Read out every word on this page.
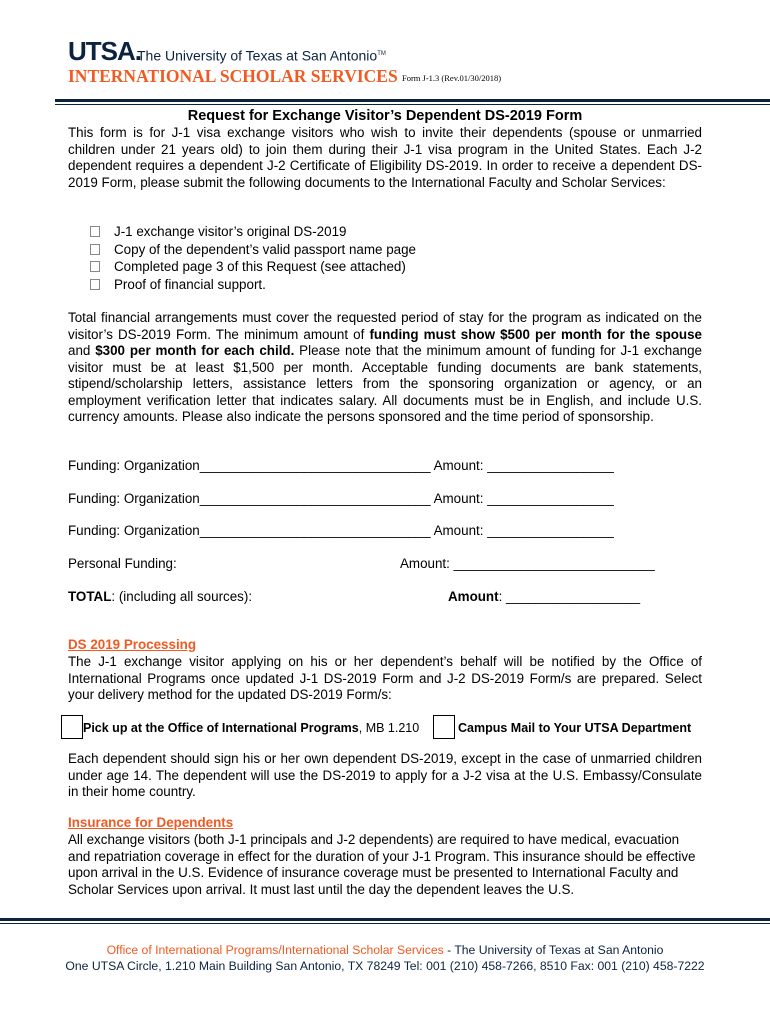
UTSA.
The University of Texas at San Antonio™
INTERNATIONAL SCHOLAR SERVICES Form J-1.3 (Rev.01/30/2018)
Request for Exchange Visitor’s Dependent DS-2019 Form
This form is for J-1 visa exchange visitors who wish to invite their dependents (spouse or unmarried children under 21 years old) to join them during their J-1 visa program in the United States. Each J-2 dependent requires a dependent J-2 Certificate of Eligibility DS-2019. In order to receive a dependent DS-2019 Form, please submit the following documents to the International Faculty and Scholar Services:
J-1 exchange visitor’s original DS-2019
Copy of the dependent’s valid passport name page
Completed page 3 of this Request (see attached)
Proof of financial support.
Total financial arrangements must cover the requested period of stay for the program as indicated on the visitor’s DS-2019 Form. The minimum amount of funding must show $500 per month for the spouse and $300 per month for each child. Please note that the minimum amount of funding for J-1 exchange visitor must be at least $1,500 per month. Acceptable funding documents are bank statements, stipend/scholarship letters, assistance letters from the sponsoring organization or agency, or an employment verification letter that indicates salary. All documents must be in English, and include U.S. currency amounts. Please also indicate the persons sponsored and the time period of sponsorship.
Funding: Organization_______________________________ Amount: _________________
Funding: Organization_______________________________ Amount: _________________
Funding: Organization_______________________________ Amount: _________________
Personal Funding:	Amount: ___________________________
TOTAL: (including all sources):	Amount: __________________
DS 2019 Processing
The J-1 exchange visitor applying on his or her dependent’s behalf will be notified by the Office of International Programs once updated J-1 DS-2019 Form and J-2 DS-2019 Form/s are prepared. Select your delivery method for the updated DS-2019 Form/s:
Pick up at the Office of International Programs, MB 1.210	Campus Mail to Your UTSA Department
Each dependent should sign his or her own dependent DS-2019, except in the case of unmarried children under age 14. The dependent will use the DS-2019 to apply for a J-2 visa at the U.S. Embassy/Consulate in their home country.
Insurance for Dependents
All exchange visitors (both J-1 principals and J-2 dependents) are required to have medical, evacuation and repatriation coverage in effect for the duration of your J-1 Program. This insurance should be effective upon arrival in the U.S. Evidence of insurance coverage must be presented to International Faculty and Scholar Services upon arrival. It must last until the day the dependent leaves the U.S.
Office of International Programs/International Scholar Services - The University of Texas at San Antonio
One UTSA Circle, 1.210 Main Building San Antonio, TX 78249 Tel: 001 (210) 458-7266, 8510 Fax: 001 (210) 458-7222
